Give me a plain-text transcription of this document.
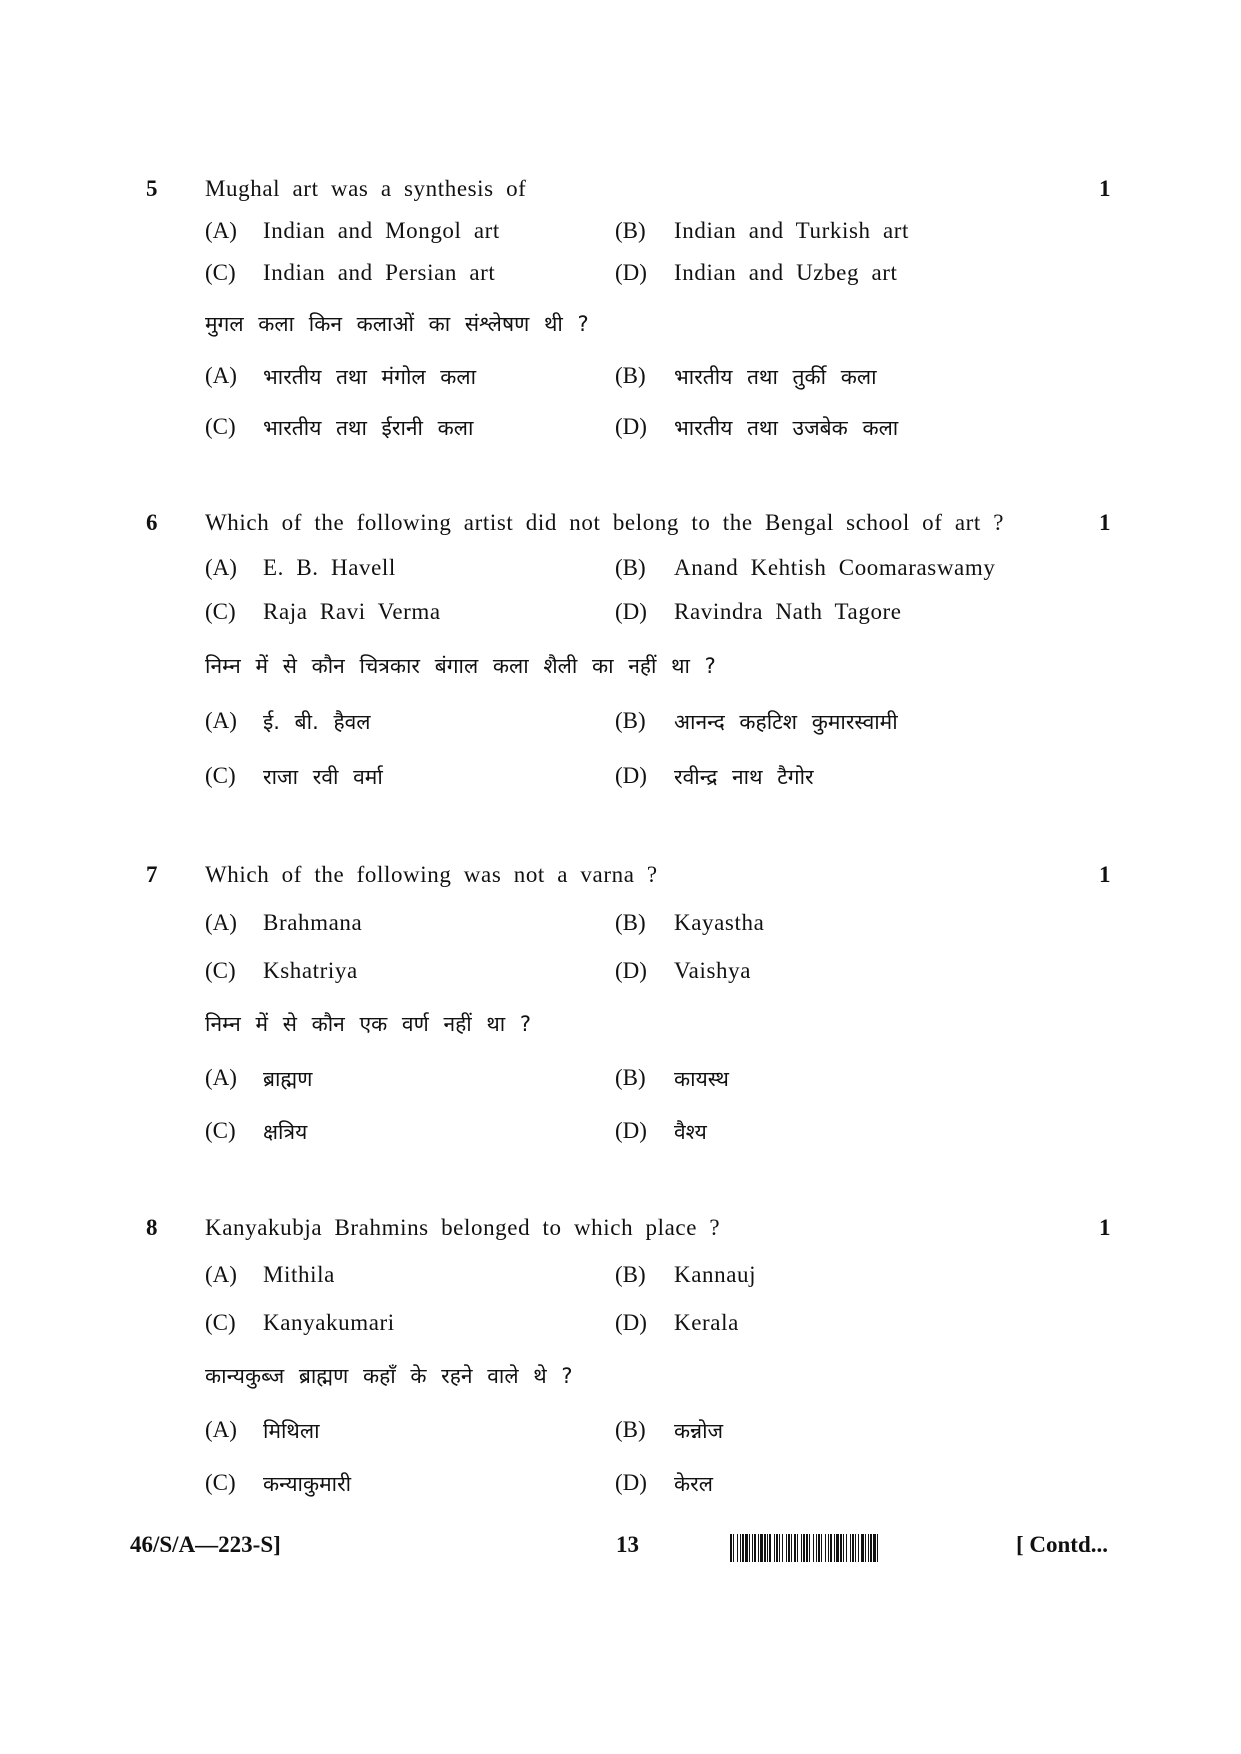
5 Mughal art was a synthesis of	1
(A) Indian and Mongol art	(B) Indian and Turkish art
(C) Indian and Persian art	(D) Indian and Uzbeg art
मुगल कला किन कलाओं का संश्लेषण थी ?
(A) भारतीय तथा मंगोल कला	(B) भारतीय तथा तुर्की कला
(C) भारतीय तथा ईरानी कला	(D) भारतीय तथा उजबेक कला
6 Which of the following artist did not belong to the Bengal school of art ?	1
(A) E. B. Havell	(B) Anand Kehtish Coomaraswamy
(C) Raja Ravi Verma	(D) Ravindra Nath Tagore
निम्न में से कौन चित्रकार बंगाल कला शैली का नहीं था ?
(A) ई. बी. हैवल	(B) आनन्द कहटिश कुमारस्वामी
(C) राजा रवी वर्मा	(D) रवीन्द्र नाथ टैगोर
7 Which of the following was not a varna ?	1
(A) Brahmana	(B) Kayastha
(C) Kshatriya	(D) Vaishya
निम्न में से कौन एक वर्ण नहीं था ?
(A) ब्राह्मण	(B) कायस्थ
(C) क्षत्रिय	(D) वैश्य
8 Kanyakubja Brahmins belonged to which place ?	1
(A) Mithila	(B) Kannauj
(C) Kanyakumari	(D) Kerala
कान्यकुब्ज ब्राह्मण कहाँ के रहने वाले थे ?
(A) मिथिला	(B) कन्नोज
(C) कन्याकुमारी	(D) केरल
46/S/A—223-S]	13	[ Contd...
